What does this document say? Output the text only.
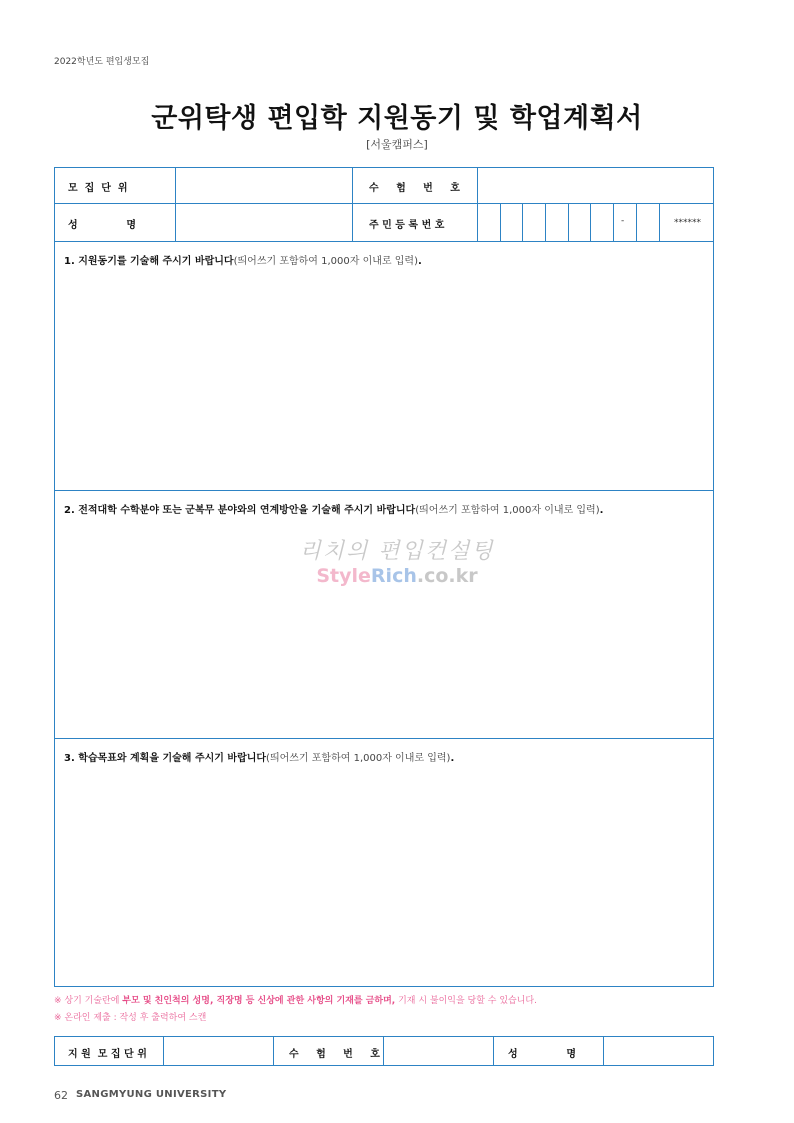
2022학년도 편입생모집
군위탁생 편입학 지원동기 및 학업계획서
[서울캠퍼스]
모  집  단  위	수     험     번     호
성              명	주 민 등 록 번 호	-	******
1. 지원동기를 기술해 주시기 바랍니다(띄어쓰기 포함하여 1,000자 이내로 입력).
2. 전적대학 수학분야 또는 군복무 분야와의 연계방안을 기술해 주시기 바랍니다(띄어쓰기 포함하여 1,000자 이내로 입력).
3. 학습목표와 계획을 기술해 주시기 바랍니다(띄어쓰기 포함하여 1,000자 이내로 입력).
리치의 편입컨설팅
StyleRich.co.kr
※ 상기 기술란에 부모 및 친인척의 성명, 직장명 등 신상에 관한 사항의 기재를 금하며, 기재 시 불이익을 당할 수 있습니다.
※ 온라인 제출 : 작성 후 출력하여 스캔
지 원  모 집 단 위	수     험     번     호	성              명
62 SANGMYUNG UNIVERSITY
